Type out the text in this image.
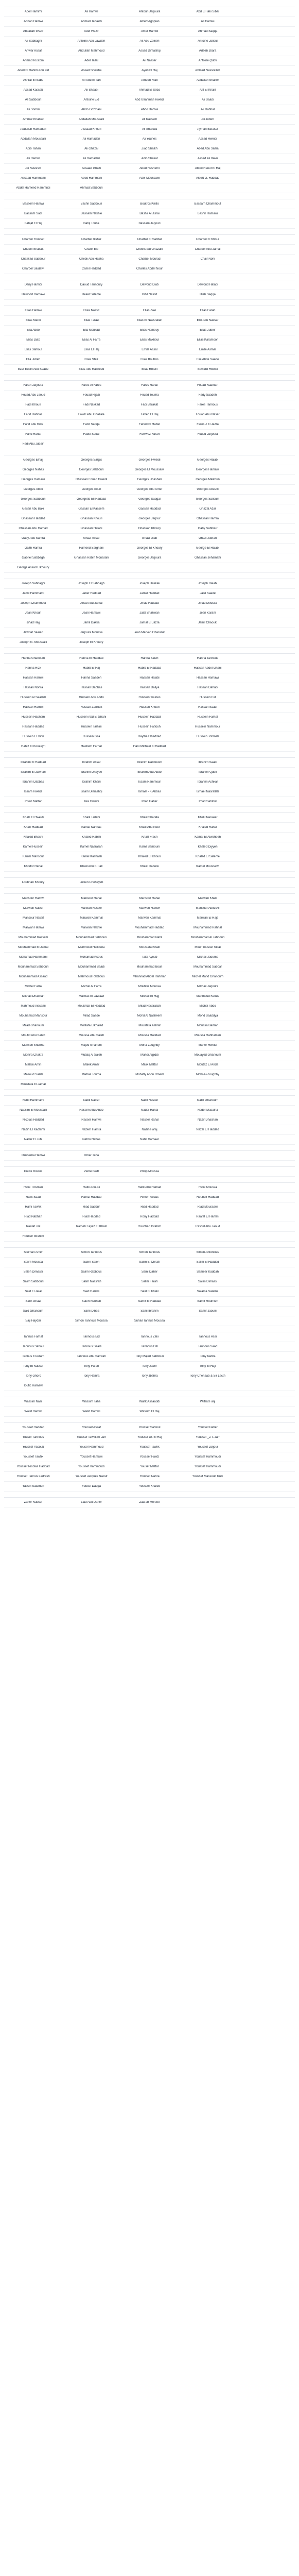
Adel Hamimi	Ali Hamwi	Antoun Jarjoura	Abd El Taki Sibai
Adnan Hamwi	Ahmad Tabakhi	Albert Agopian	Ali Hamwi
Abdallah Wazir	Adel Wazir	Amer Hamwi	Ahmad Saqqa
Ali Sabbaghi	Antoine Abu Jawdeh	Ali Abu Zeineh	Antoine Jalloul
Anwar Assaf	Abdullah Mahmoud	Assad Dimashqi	Adeeb Jbara
Ahmad Rustom	Adel Tallal	Ali Nasser	Antoine Qubti
Abed El Rahim Abu Zid	Assad Sheikha	Ayob El Haj	Ahmad Nassrallah
Ashraf El Sabe	Ali Abd El Ilah	Ameen Fran	Abdallah Shaker
Assad Kassab	Ali Shaabi	Ahmad El Seba	Afif El Khalil
Ali Sabbouri	Antoine Eid	Abd Ulrahman Hweidi	Ali Saadi
Ali Somisi	Abdo Gozmani	Abdo Hamwi	Ali Rahhal
Ammar Khabaz	Abdallah Moussalli	Ali Kassem	Ali Jubeh
Abdallah Ramadan	Assaad Khouri	Ali Shahwa	Ayman Barakat
Abdallah Moussalli	Ali Ramadan	Ali Younes	Assad Hweidi
Adib Tahan	Ali Ghazal	Ziad Shaikh	Abed Abu Salha
Ali Hamwi	Ali Ramadan	Adib Shakat	Assad Ali Bakri
Ali Nassreh	Assaad Ghazi	Abed Hashemi	Abdel Raouf El Haj
Assaad Hammami	Abed Hammani	Adel Moussawi	Albert G. Haddad
Abdel Hameed Hammudi	Ahmad Sabbouri
Bassem Hamwi	Bashir Sabbouri	Boutros Kirillo	Bassam Chammout
Bassam Sadi	Bassam Nakhle	Bashir Al Jisrai	Bashir Hamawi
Bahjat El Haj	Bahij Touba	Bassam Jarjouri
Charbel Youssef	Charbel Bisher	Charbel El Sabbal	Charbel El Khour
Chebel Shakak	Chafik Eid	Chebli Abu Ghazale	Charbel Abu Jamal
Chafik El Sabbour	Chebli Abu Hatiha	Charbel Mourad	Chair Nohi
Charbel Saidawi	Camil Haddad	Charles Abdel Nour
Dany Hamidi	Daoud Tannoury	Dawoud Diab	Dawoud Halabi
Dawood Hamawi	Dekel Saleme	Dibil Nassif	Diab Saqqa
Elias Hamwi	Elias Nassif	Elias Zaki	Elias Farah
Elias Mardi	Elias Tarazi	Elias El Nassrallah	Elie Abu Nassar
Elia Abdo	Elia Moukad	Elias Hamouy	Elias Jubeir
Elias Diab	Elias Al Farra	Elias Makhoul	Elias Karamoori
Elias Sahloul	Elias El Haj	Emile Assal	Emile Asmar
Elia Jubeh	Elias Sfeir	Elias Boutros	Elie Abde Saade
Ezat Eddin Abu Saade	Elias Abu Rasheed	Elias Rmeili	Edward Hweidi
Farah Jarjoura	Fares Al Fares	Fares Rahal	Fouad Naaman
Fouad Abu Jaoud	Fouad Hijazi	Fouad Touma	Fady Saadeh
Fadi Khouri	Fadi Nakkad	Fadi Barakat	Fares Tannous
Farid Dabbas	Fawzi Abu Ghazale	Fahed El Haj	Fouad Abu Naser
Farid Abu Rida	Farid Saqqa	Fahed El Haffar	Fares J El Jazra
Farid Rahal	Fadel Sadaf	Fawwaz Farah	Fouad Jarjoura
Fadi Abu Jubair
Georges Elhajj	Georges Sargis	Georges Hweidi	Georges Halabi
Georges Nahas	Georges Sabbouri	Georges El Moussawi	Georges Hamawi
Georges Hamawi	Ghassan Fouad Hweidi	Georges Dhashan	Georges Malkoun
Georges Abdo	Georges Aoun	Georges Abu Amer	Georges Abu Ali
Georges Sabbouri	Georgette Eli Haddad	Georges Saqqal	Georges Salloum
Gasan Abu Bakr	Gassan El Kassem	Gassan Haddad	Ghazal Azar
Ghassan Haddad	Ghassan Khouri	Georges Jarjour	Ghassan Hamra
Ghassan Abu Hamad	Ghassan Halabi	Ghassan Khoury	Gaby Sabbour
Gaby Abu Samra	Ghazi Assaf	Ghazi Diab	Ghazi Jubran
Gaith Hamra	Hameed Sarghani	Georges El Khoury	George El Halabi
Gabriel Sabbagh	Ghassan Rabih Moussalli	Georges Jarjoura	Ghassan Jehamahi
George Assad Elkhoury
Joseph Sabbaghi	Joseph El Sabbagh	Joseph Dakkak	Joseph Halabi
Jamil Hammami	Jaber Haddad	Jamal Haddad	Jalal Saade
Joseph Chammout	Jihad Abu Jamal	Jihad Haddad	Jihad Moussa
Jean Khouri	Jean Hamawi	Jalal Shahwan	Jean Karam
Jihad Hajj	Jamil Dakka	Jamal El Jazra	Jamil Chaouki
Jawdat Saaied	Jarjoura Moussa	Jean Marvan Ghassnaf
Joseph G. Moussalli	Joseph El Khoury
Hanna Ghanoum	Hanna El Haddad	Hanna Saleh	Hanna Tannous
Hanna Rizk	Habib El Haj	Habib El Haddad	Hassan Abdel Ghani
Hassan Hamwi	Hanna Saadeh	Hassan Halabi	Hassan Hamawi
Hassan Nohra	Hassan Dabbas	Hassan Dallya	Hassan Dahabi
Hussein Al Saadeh	Hussein Abu Abdo	Hussein Younes	Hussein Eid
Hassan Hamwi	Hassan Zarrouk	Hassan Khouri	Hassan Saadi
Hussein Hashem	Hussein Abd El Ghani	Hussein Haddad	Hussein Farhat
Hassan Haddad	Hussein Tarhini	Hussein Fattouh	Hussein Nammour
Hussein El Hinn	Hussein Issa	Haytha Elhaddad	Hussein Tohmeh
Hafez El Kouzeyri	Hashem Farhat	Hani Michael El Haddad
Ibrahim El Haddad	Ibrahim Assaf	Ibrahim Dabboush	Ibrahim Saadi
Ibrahim El Jawhari	Ibrahim Dhaybe	Ibrahim Abu Abdo	Ibrahim Qubti
Ibrahim Dabbas	Ibrahim Khairi	Issam Nammour	Ibrahim Ashkar
Issam Hweidi	Issam Dimashqi	Ismael - K Abbas	Ismael Nasrallah
Ihsan Mattar	Ilias Hweidi	Imad Daher	Imad Sahloul
Khalil El Hweidi	Khalil Tarhini	Khalil Sharafa	Khalil Nasseer
Khalil Haddad	Kamal Nahhas	Khalil Abu Nour	Khaled Rahal
Khaled Bhashi	Khaled Rabihi	Khalil Frach	Kamal El Alwahbeh
Kamel Hussein	Kamel Nasrallah	Kamil Samouni	Khaled Diyyeh
Kamal Mansour	Kamel Kashash	Khaled El Khouri	Khaled El Saleme
Khodor Rahal	Khalil Abu El Tall	Khalil Trabelsi	Kamel Moussawi
Loubnan Khoury	Lucien Chehayeb
Mansour Hamwi	Mansour Rahal	Mansour Rahal	Marwan Khalil
Marwan Nassif	Marwan Nasser	Marwan Hamwi	Mansour Abou Ali
Mansour Nassif	Marwan Kammal	Marwan Kammal	Marwan El Haje
Marwan Hamwi	Marwan Nakhle	Mouhammad Haddad	Mouhammad Rahhal
Mouhammad Kassem	Mouhammad Sabbouri	Mouhammad Nabil	Mouhammad Al Jabbouri
Mouhammad El Jamal	Mahmoud Hallouda	Moustafa Khalil	Mour Youssef Sibai
Mohamad Hammami	Mohamad Ksous	Talal Ayoub	Mikhail Jaouma
Mouhammad Sabbouri	Mouhammad Saadi	Mouhammad Bouri	Mouhammad Sabbar
Mouhammad Assaad	Mahmoud Rabbous	Mhannad Abdel Rahman	Michel Marid Ghanoum
Michel Farra	Michel Al Farra	Mokhtar Moussa	Mikhail Jarjoura
Mikhail Dhashan	Malmas El Jazrawi	Mikhail El Hajj	Mahmoud Ksous
Mahmoud Aissami	Moukhtar El Haddad	Milad Nassrallah	Michel Abdo
Mouhamad Mansour	Milad Saade	Mohd Al Nasheem	Mohd Saaddya
Milad Ghanoum	Mostafa Elkhaled	Moustafa Ashraf	Moussa Badran
Moufid Abu Saleh	Moussa Abu Saleh	Moussa Haddad	Moussa Rahhaman
Mohsen Shahha	Majed Ghanem	Mona Zoughby	Maher Hweidi
Monira Chakra	Mutlaq Al Saleh	Mahdi Aigiddi	Mouayed Ghanoum
Malaki Amin	Malek Amer	Malik Mattar	Moutaz El Arida
Masoud Saleh	Mikhail Touma	Mohafly Abou Hmeid	Mohi-Al-Zoughby
Moustafa El Jamal
Nabil Hammami	Nabil Nassif	Nabil Nasser	Nabil Ghanoum
Nassim El Moussalli	Nassim Abu Abdo	Nader Rahal	Nader Masalha
Nicolas Haddad	Nasser Hamwi	Nasser Rahal	Nazir Dhashan
Nazih El Kadhimi	Nazem Hamra	Nazih Faraj	Nazih El Haddad
Nader El Jubi	Nehro Nahas	Nabil Hamawi
Oussama Hamwi	Omar Taha
Pierre Boulos	Pierre Badr	Philip Moussa
Rafik Tlosman	Rafik Abu Ali	Rafik Abu Hamad	Rafik Moussa
Rafik Saad	Ramzi Haddad	Rimon Abbas	Roubeir Haddad
Rami Tawfik	Riad Sabbur	Riad Haddad	Riad Moussawi
Riad Nabhan	Riad Haddad	Rony Haddad	Raafat El Hammi
Raafat Jiril	Rameh Fayez El Khalil	Roudhad Ibrahim	Rashid Abu Jaoud
Roubeir Ibrahim
Sleiman Amer	Simon Tannous	Simon Tannous	Simon Antonious
Salim Moussa	Salim Saleh	Salim El Chraffi	Salim El Haddad
Saleh Dimassi	Salim Rabbous	Sami Daher	Sameer Kaddah
Salim Sabbouri	Salim Nassrah	Salim Farah	Salim Dimassi
Said El Jalal	Said Hamwi	Said El Khalil	Salama Salama
Salih Ghazi	Saleh Nabhan	Samir El Haddad	Samir Roumieh
Said Ghanoum	Sami Dibba	Sami Ibrahim	Samir Jaouni
Saji Haydar	Simon Tannous Moussa	Suhail Tannus Moussa
Tannus Farhat	Tannous Eid	Tannous Zaki	Tannous Assi
Tannous Sahoul	Tannous Saadi	Tannous Dib	Tannous Saad
Tannus El Adam	Tannous Abu Samrah	Tony Majed Sabbouri	Tony Nahra
Tony El Nasser	Tony Farah	Tony Jaber	Tony El Haji
Tony Ghoro	Tony Hamra	Tony Jbehra	Tony Chehaab & Sir Lecth
Toufic Hamawi
Wassim Nasr	Wassim Taha	Wafik Assaaddi	Wilfrat Farji
Walid Hamwi	Walid Hamwi	Wassim El Haj
Youssef Haddad	Youssef Assaf	Youssef Sahloul	Youssef Daher
Yousef Tannous	Youssef Tawfik El Jarr	Youssef Dr. El Haj	Youssef _J.T. Jarr
Youssef Yacoub	Yousef Hammoud	Youssef Tawfik	Youssef Jarjour
Youssef Tawfik	Youssef Hamawi	Youssef Fawzi	Youssef Hammoudi
Youssef Nicolas Haddad	Youssef Hammoudi	Yousef Mattar	Youssef Hammoudi
Youssef Tannus Ladrash	Youssef Jacques Nassif	Youssef Nahra	Youssef Massoud Rizk
Yassin Salameh	Yousef Daqqa	Youssef Khaled
Zaher Nasser	Ziad Abu Daher	Zaarab Moroke
